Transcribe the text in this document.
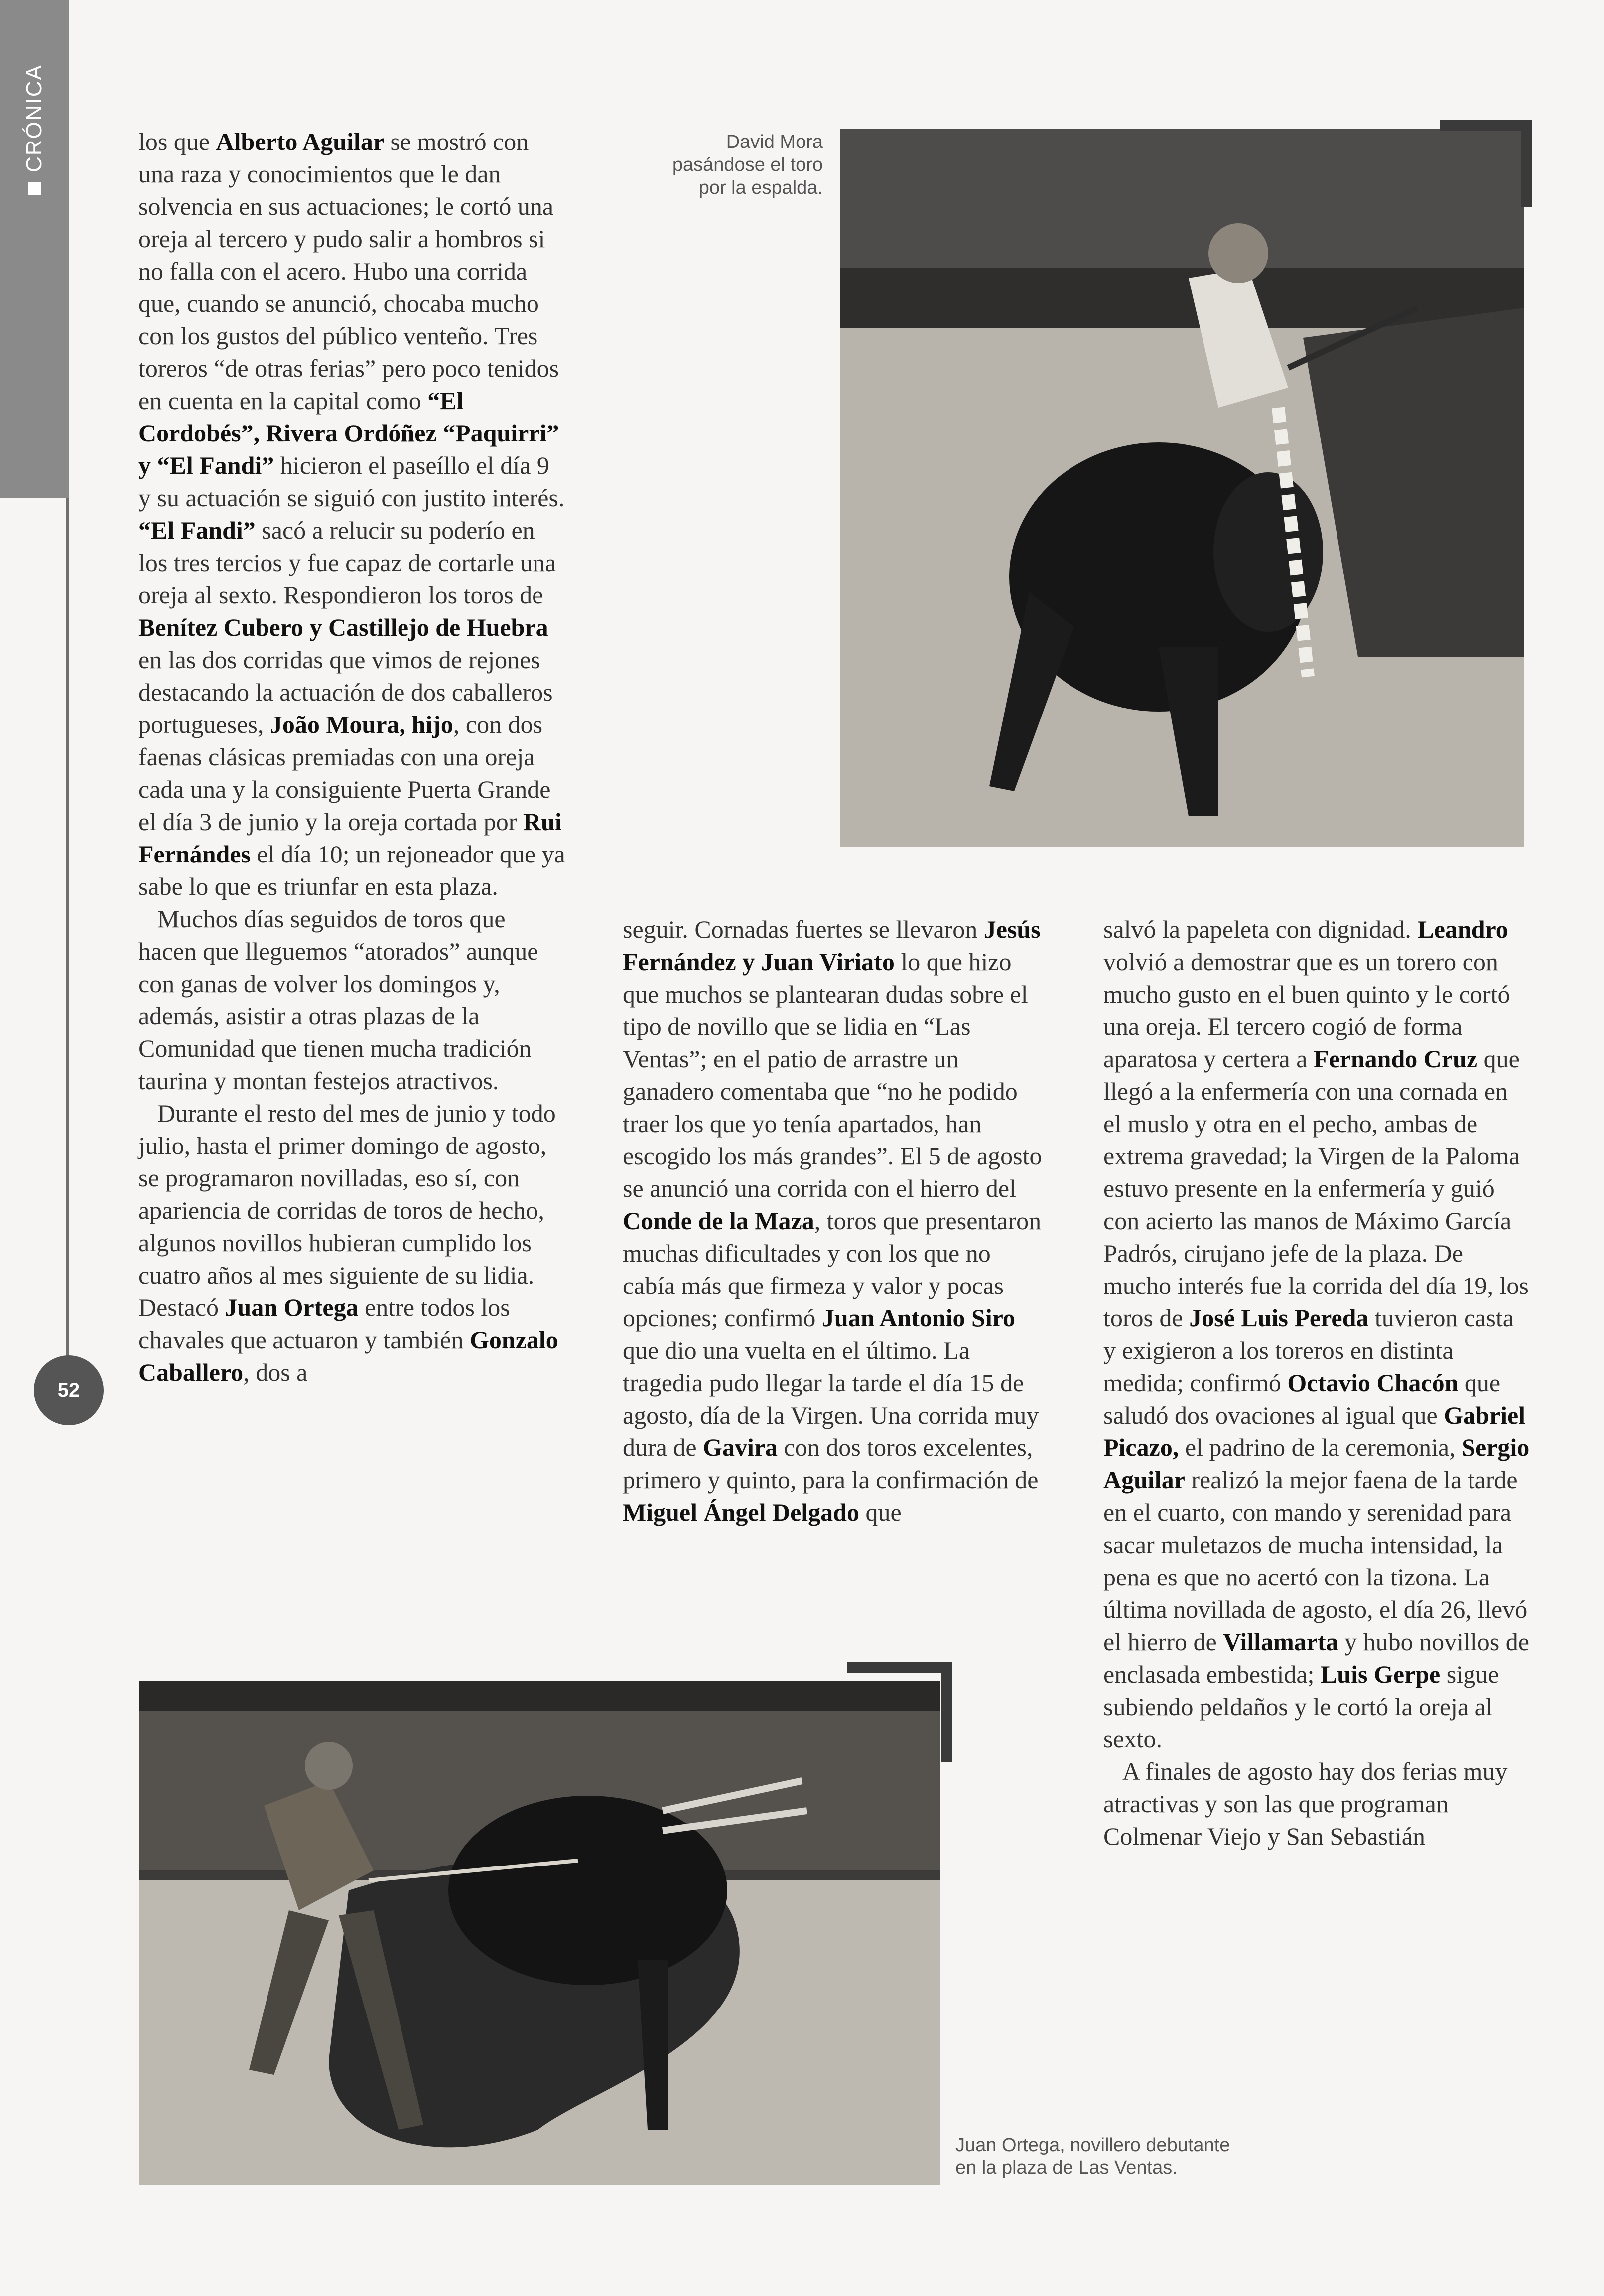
CRÓNICA
52

los que Alberto Aguilar se mostró con una raza y conocimientos que le dan solvencia en sus actuaciones; le cortó una oreja al tercero y pudo salir a hombros si no falla con el acero. Hubo una corrida que, cuando se anunció, chocaba mucho con los gustos del público venteño. Tres toreros “de otras ferias” pero poco tenidos en cuenta en la capital como “El Cordobés”, Rivera Ordóñez “Paquirri” y “El Fandi” hicieron el paseíllo el día 9 y su actuación se siguió con justito interés. “El Fandi” sacó a relucir su poderío en los tres tercios y fue capaz de cortarle una oreja al sexto. Respondieron los toros de Benítez Cubero y Castillejo de Huebra en las dos corridas que vimos de rejones destacando la actuación de dos caballeros portugueses, João Moura, hijo, con dos faenas clásicas premiadas con una oreja cada una y la consiguiente Puerta Grande el día 3 de junio y la oreja cortada por Rui Fernándes el día 10; un rejoneador que ya sabe lo que es triunfar en esta plaza.

Muchos días seguidos de toros que hacen que lleguemos “atorados” aunque con ganas de volver los domingos y, además, asistir a otras plazas de la Comunidad que tienen mucha tradición taurina y montan festejos atractivos.

Durante el resto del mes de junio y todo julio, hasta el primer domingo de agosto, se programaron novilladas, eso sí, con apariencia de corridas de toros de hecho, algunos novillos hubieran cumplido los cuatro años al mes siguiente de su lidia. Destacó Juan Ortega entre todos los chavales que actuaron y también Gonzalo Caballero, dos a

David Mora
pasándose el toro
por la espalda.

seguir. Cornadas fuertes se llevaron Jesús Fernández y Juan Viriato lo que hizo que muchos se plantearan dudas sobre el tipo de novillo que se lidia en “Las Ventas”; en el patio de arrastre un ganadero comentaba que “no he podido traer los que yo tenía apartados, han escogido los más grandes”. El 5 de agosto se anunció una corrida con el hierro del Conde de la Maza, toros que presentaron muchas dificultades y con los que no cabía más que firmeza y valor y pocas opciones; confirmó Juan Antonio Siro que dio una vuelta en el último. La tragedia pudo llegar la tarde el día 15 de agosto, día de la Virgen. Una corrida muy dura de Gavira con dos toros excelentes, primero y quinto, para la confirmación de Miguel Ángel Delgado que

salvó la papeleta con dignidad. Leandro volvió a demostrar que es un torero con mucho gusto en el buen quinto y le cortó una oreja. El tercero cogió de forma aparatosa y certera a Fernando Cruz que llegó a la enfermería con una cornada en el muslo y otra en el pecho, ambas de extrema gravedad; la Virgen de la Paloma estuvo presente en la enfermería y guió con acierto las manos de Máximo García Padrós, cirujano jefe de la plaza. De mucho interés fue la corrida del día 19, los toros de José Luis Pereda tuvieron casta y exigieron a los toreros en distinta medida; confirmó Octavio Chacón que saludó dos ovaciones al igual que Gabriel Picazo, el padrino de la ceremonia, Sergio Aguilar realizó la mejor faena de la tarde en el cuarto, con mando y serenidad para sacar muletazos de mucha intensidad, la pena es que no acertó con la tizona. La última novillada de agosto, el día 26, llevó el hierro de Villamarta y hubo novillos de enclasada embestida; Luis Gerpe sigue subiendo peldaños y le cortó la oreja al sexto.

A finales de agosto hay dos ferias muy atractivas y son las que programan Colmenar Viejo y San Sebastián

Juan Ortega, novillero debutante
en la plaza de Las Ventas.
